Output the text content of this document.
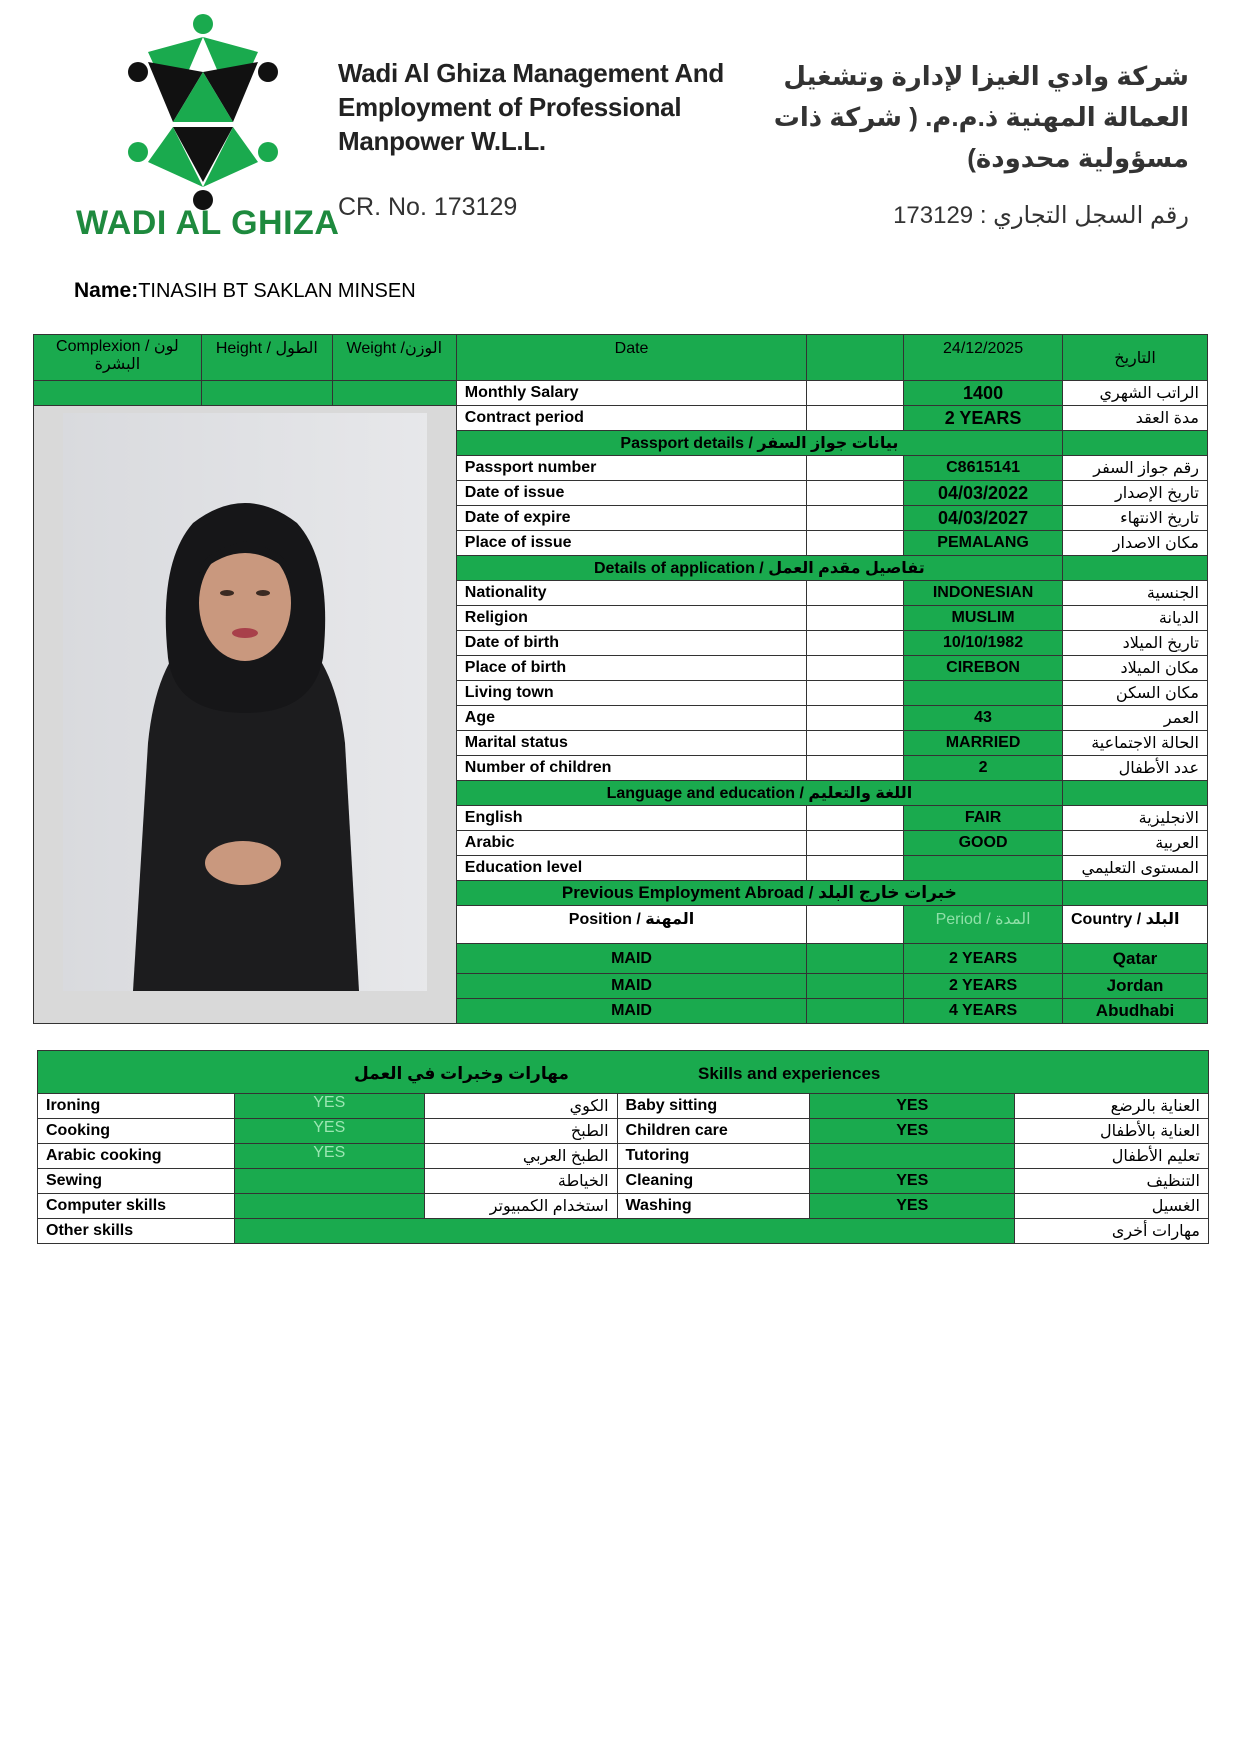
WADI AL GHIZA
Wadi Al Ghiza Management And
Employment of Professional
Manpower W.L.L.
CR. No. 173129
شركة وادي الغيزا لإدارة وتشغيل العمالة المهنية ذ.م.م. ( شركة ذات مسؤولية محدودة)
رقم السجل التجاري : 173129
Name:TINASIH BT SAKLAN MINSEN
Complexion / لون البشرة	Height / الطول	Weight /الوزن	Date		24/12/2025	التاريخ
			Monthly Salary		1400	الراتب الشهري

	Contract period		2 YEARS	مدة العقد
			Passport details / بيانات جواز السفر			
			Passport number		C8615141	رقم جواز السفر
			Date of issue		04/03/2022	تاريخ الإصدار
			Date of expire		04/03/2027	تاريخ الانتهاء
			Place of issue		PEMALANG	مكان الاصدار
			Details of application / تفاصيل مقدم العمل			
			Nationality		INDONESIAN	الجنسية
			Religion		MUSLIM	الديانة
			Date of birth		10/10/1982	تاريخ الميلاد
			Place of birth		CIREBON	مكان الميلاد
			Living town			مكان السكن
			Age		43	العمر
			Marital status		MARRIED	الحالة الاجتماعية
			Number of children		2	عدد الأطفال
			Language and education / اللغة والتعليم			
			English		FAIR	الانجليزية
			Arabic		GOOD	العربية
			Education level			المستوى التعليمي
			Previous Employment Abroad / خبرات خارج البلد			
			Position / المهنة		Period / المدة	Country / البلد
			MAID		2 YEARS	Qatar
			MAID		2 YEARS	Jordan
			MAID		4 YEARS	Abudhabi
مهارات وخبرات في العمل Skills and experiences					

Ironing	YES	الكوي	Baby sitting	YES	العناية بالرضع
Cooking	YES	الطبخ	Children care	YES	العناية بالأطفال
Arabic cooking	YES	الطبخ العربي	Tutoring		تعليم الأطفال
Sewing		الخياطة	Cleaning	YES	التنظيف
Computer skills		استخدام الكمبيوتر	Washing	YES	الغسيل
Other skills					مهارات أخرى
